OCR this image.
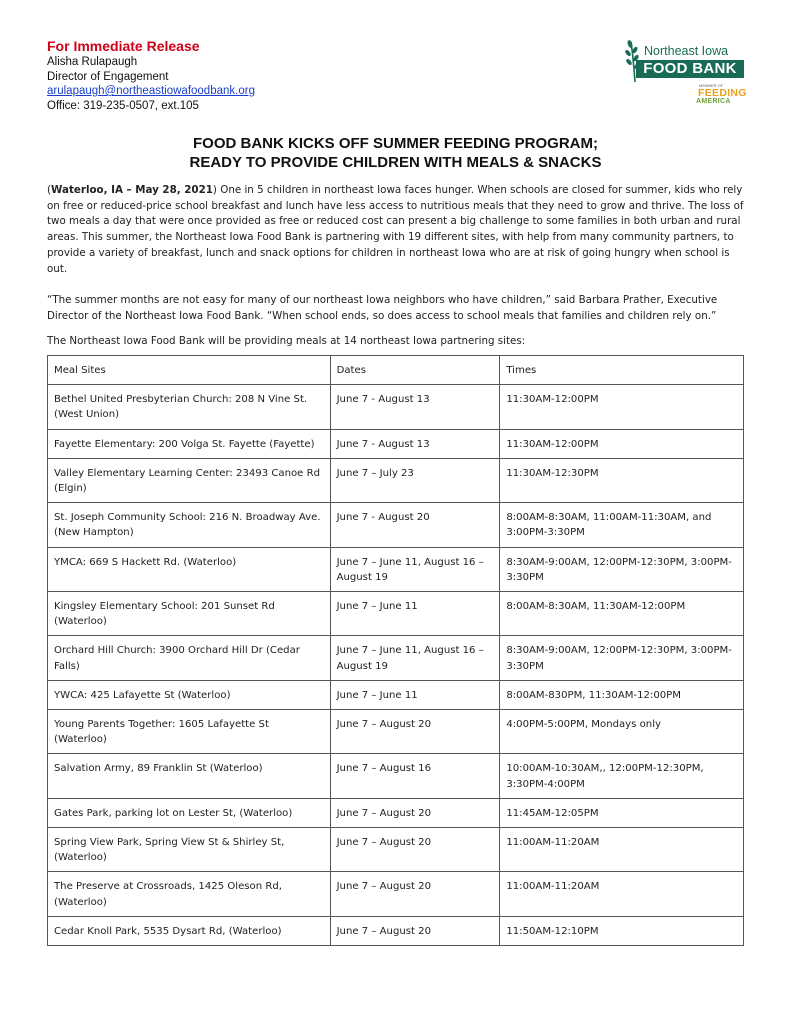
For Immediate Release
Alisha Rulapaugh
Director of Engagement
arulapaugh@northeastiowafoodbank.org
Office: 319-235-0507, ext.105
Northeast Iowa
FOOD BANK
MEMBER OF
FEEDING
AMERICA
FOOD BANK KICKS OFF SUMMER FEEDING PROGRAM;
READY TO PROVIDE CHILDREN WITH MEALS & SNACKS

(Waterloo, IA – May 28, 2021) One in 5 children in northeast Iowa faces hunger. When schools are closed for summer, kids who rely on free or reduced-price school breakfast and lunch have less access to nutritious meals that they need to grow and thrive. The loss of two meals a day that were once provided as free or reduced cost can present a big challenge to some families in both urban and rural areas. This summer, the Northeast Iowa Food Bank is partnering with 19 different sites, with help from many community partners, to provide a variety of breakfast, lunch and snack options for children in northeast Iowa who are at risk of going hungry when school is out.

“The summer months are not easy for many of our northeast Iowa neighbors who have children,” said Barbara Prather, Executive Director of the Northeast Iowa Food Bank. “When school ends, so does access to school meals that families and children rely on.”

The Northeast Iowa Food Bank will be providing meals at 14 northeast Iowa partnering sites:

Meal Sites	Dates	Times
Bethel United Presbyterian Church: 208 N Vine St. (West Union)	June 7 - August 13	11:30AM-12:00PM
Fayette Elementary: 200 Volga St. Fayette (Fayette)	June 7 - August 13	11:30AM-12:00PM
Valley Elementary Learning Center: 23493 Canoe Rd (Elgin)	June 7 – July 23	11:30AM-12:30PM
St. Joseph Community School: 216 N. Broadway Ave. (New Hampton)	June 7 - August 20	8:00AM-8:30AM, 11:00AM-11:30AM, and 3:00PM-3:30PM
YMCA: 669 S Hackett Rd. (Waterloo)	June 7 – June 11, August 16 – August 19	8:30AM-9:00AM, 12:00PM-12:30PM, 3:00PM-3:30PM
Kingsley Elementary School: 201 Sunset Rd (Waterloo)	June 7 – June 11	8:00AM-8:30AM, 11:30AM-12:00PM
Orchard Hill Church: 3900 Orchard Hill Dr (Cedar Falls)	June 7 – June 11, August 16 – August 19	8:30AM-9:00AM, 12:00PM-12:30PM, 3:00PM-3:30PM
YWCA: 425 Lafayette St (Waterloo)	June 7 – June 11	8:00AM-830PM, 11:30AM-12:00PM
Young Parents Together: 1605 Lafayette St (Waterloo)	June 7 – August 20	4:00PM-5:00PM, Mondays only
Salvation Army, 89 Franklin St (Waterloo)	June 7 – August 16	10:00AM-10:30AM,, 12:00PM-12:30PM, 3:30PM-4:00PM
Gates Park, parking lot on Lester St, (Waterloo)	June 7 – August 20	11:45AM-12:05PM
Spring View Park, Spring View St & Shirley St, (Waterloo)	June 7 – August 20	11:00AM-11:20AM
The Preserve at Crossroads, 1425 Oleson Rd, (Waterloo)	June 7 – August 20	11:00AM-11:20AM
Cedar Knoll Park, 5535 Dysart Rd, (Waterloo)	June 7 – August 20	11:50AM-12:10PM
